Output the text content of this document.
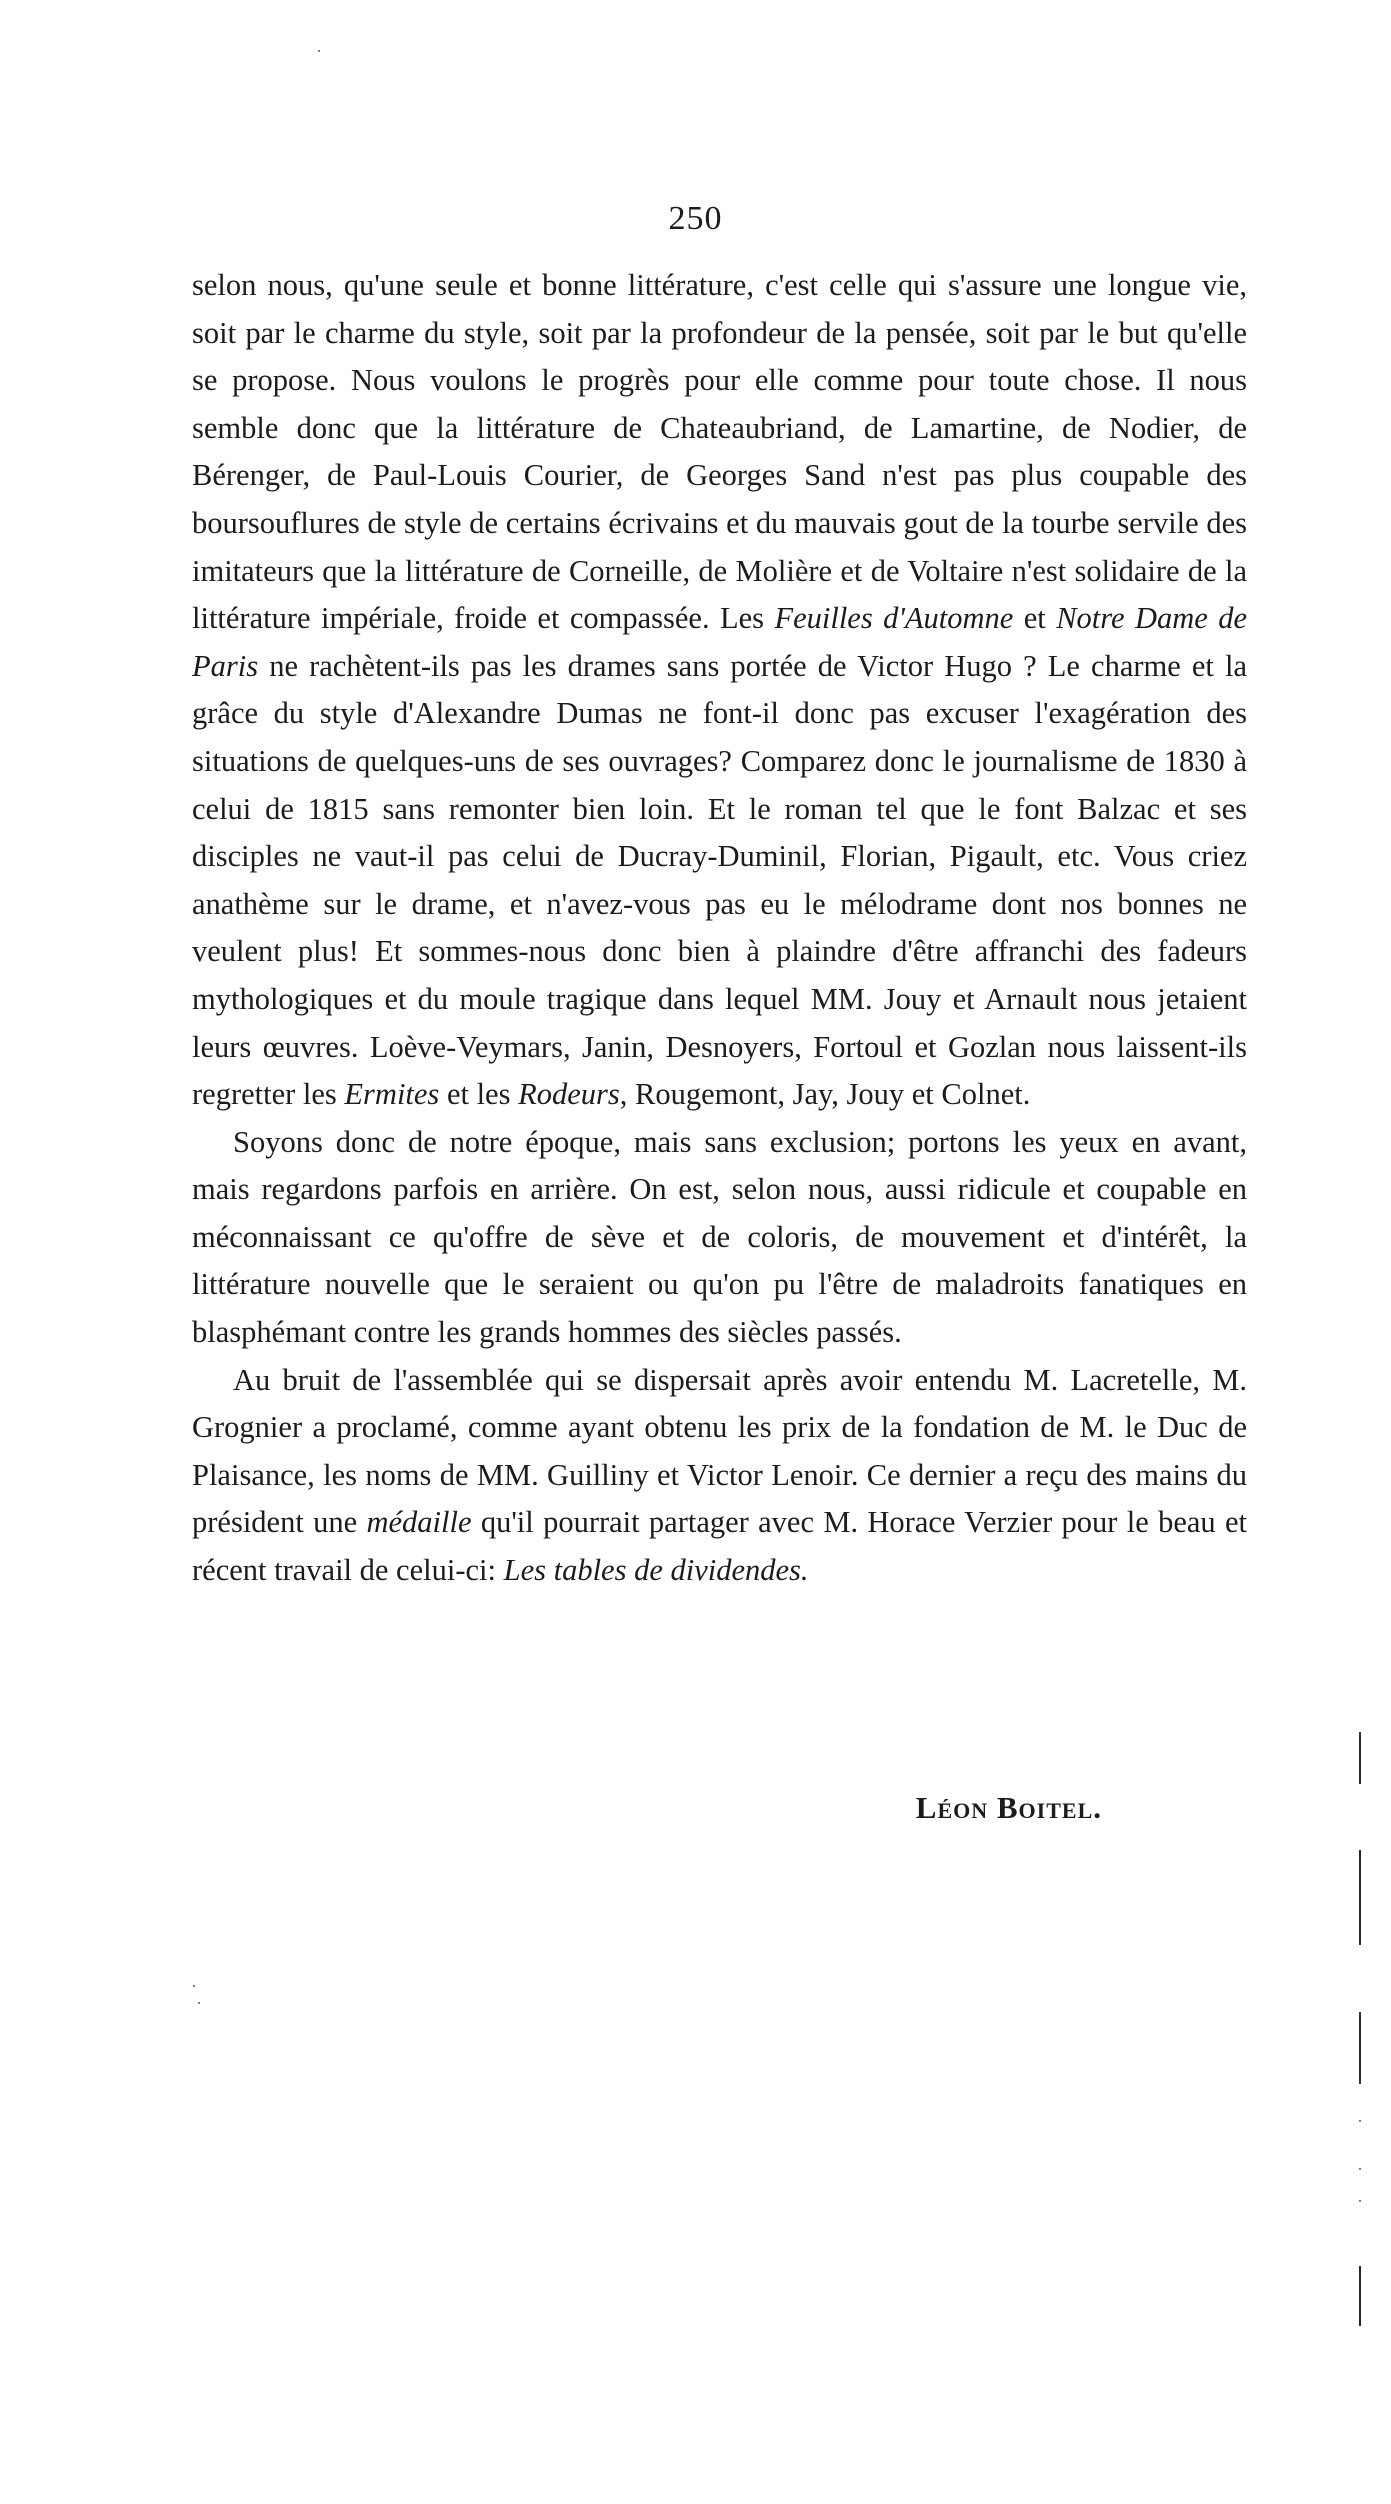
250

selon nous, qu'une seule et bonne littérature, c'est celle qui s'assure une longue vie, soit par le charme du style, soit par la profondeur de la pensée, soit par le but qu'elle se propose. Nous voulons le progrès pour elle comme pour toute chose. Il nous semble donc que la littérature de Chateaubriand, de Lamartine, de Nodier, de Bérenger, de Paul-Louis Courier, de Georges Sand n'est pas plus coupable des boursouflures de style de certains écrivains et du mauvais gout de la tourbe servile des imitateurs que la littérature de Corneille, de Molière et de Voltaire n'est solidaire de la littérature impériale, froide et compassée. Les Feuilles d'Automne et Notre Dame de Paris ne rachètent-ils pas les drames sans portée de Victor Hugo ? Le charme et la grâce du style d'Alexandre Dumas ne font-il donc pas excuser l'exagération des situations de quelques-uns de ses ouvrages? Comparez donc le journalisme de 1830 à celui de 1815 sans remonter bien loin. Et le roman tel que le font Balzac et ses disciples ne vaut-il pas celui de Ducray-Duminil, Florian, Pigault, etc. Vous criez anathème sur le drame, et n'avez-vous pas eu le mélodrame dont nos bonnes ne veulent plus! Et sommes-nous donc bien à plaindre d'être affranchi des fadeurs mythologiques et du moule tragique dans lequel MM. Jouy et Arnault nous jetaient leurs œuvres. Loève-Veymars, Janin, Desnoyers, Fortoul et Gozlan nous laissent-ils regretter les Ermites et les Rodeurs, Rougemont, Jay, Jouy et Colnet.

Soyons donc de notre époque, mais sans exclusion; portons les yeux en avant, mais regardons parfois en arrière. On est, selon nous, aussi ridicule et coupable en méconnaissant ce qu'offre de sève et de coloris, de mouvement et d'intérêt, la littérature nouvelle que le seraient ou qu'on pu l'être de maladroits fanatiques en blasphémant contre les grands hommes des siècles passés.

Au bruit de l'assemblée qui se dispersait après avoir entendu M. Lacretelle, M. Grognier a proclamé, comme ayant obtenu les prix de la fondation de M. le Duc de Plaisance, les noms de MM. Guilliny et Victor Lenoir. Ce dernier a reçu des mains du président une médaille qu'il pourrait partager avec M. Horace Verzier pour le beau et récent travail de celui-ci: Les tables de dividendes.

Léon Boitel.
